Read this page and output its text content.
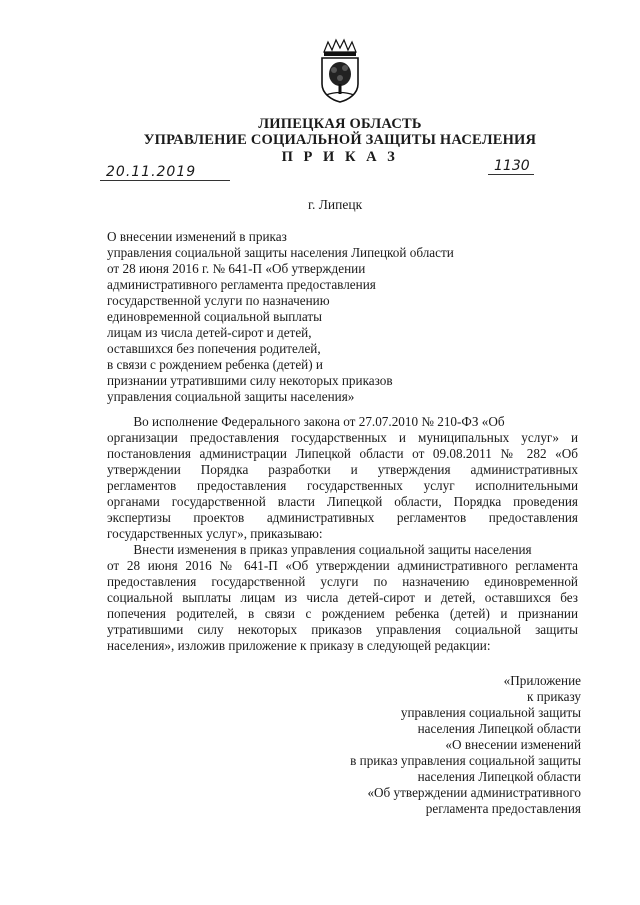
ЛИПЕЦКАЯ ОБЛАСТЬ
УПРАВЛЕНИЕ СОЦИАЛЬНОЙ ЗАЩИТЫ НАСЕЛЕНИЯ
П Р И К А З
20.11.2019	1130
г. Липецк
О внесении изменений в приказ
управления социальной защиты населения Липецкой области
от 28 июня 2016 г. № 641-П «Об утверждении
административного регламента предоставления
государственной услуги по назначению
единовременной социальной выплаты
лицам из числа детей-сирот и детей,
оставшихся без попечения родителей,
в связи с рождением ребенка (детей) и
признании утратившими силу некоторых приказов
управления социальной защиты населения»
Во исполнение Федерального закона от 27.07.2010 № 210-ФЗ «Об
организации предоставления государственных и муниципальных услуг» и
постановления администрации Липецкой области от 09.08.2011 № 282 «Об
утверждении Порядка разработки и утверждения административных
регламентов предоставления государственных услуг исполнительными
органами государственной власти Липецкой области, Порядка проведения
экспертизы проектов административных регламентов предоставления
государственных услуг», приказываю:
Внести изменения в приказ управления социальной защиты населения
от 28 июня 2016 № 641-П «Об утверждении административного регламента
предоставления государственной услуги по назначению единовременной
социальной выплаты лицам из числа детей-сирот и детей, оставшихся без
попечения родителей, в связи с рождением ребенка (детей) и признании
утратившими силу некоторых приказов управления социальной защиты
населения», изложив приложение к приказу в следующей редакции:
«Приложение
к приказу
управления социальной защиты
населения Липецкой области
«О внесении изменений
в приказ управления социальной защиты
населения Липецкой области
«Об утверждении административного
регламента предоставления
